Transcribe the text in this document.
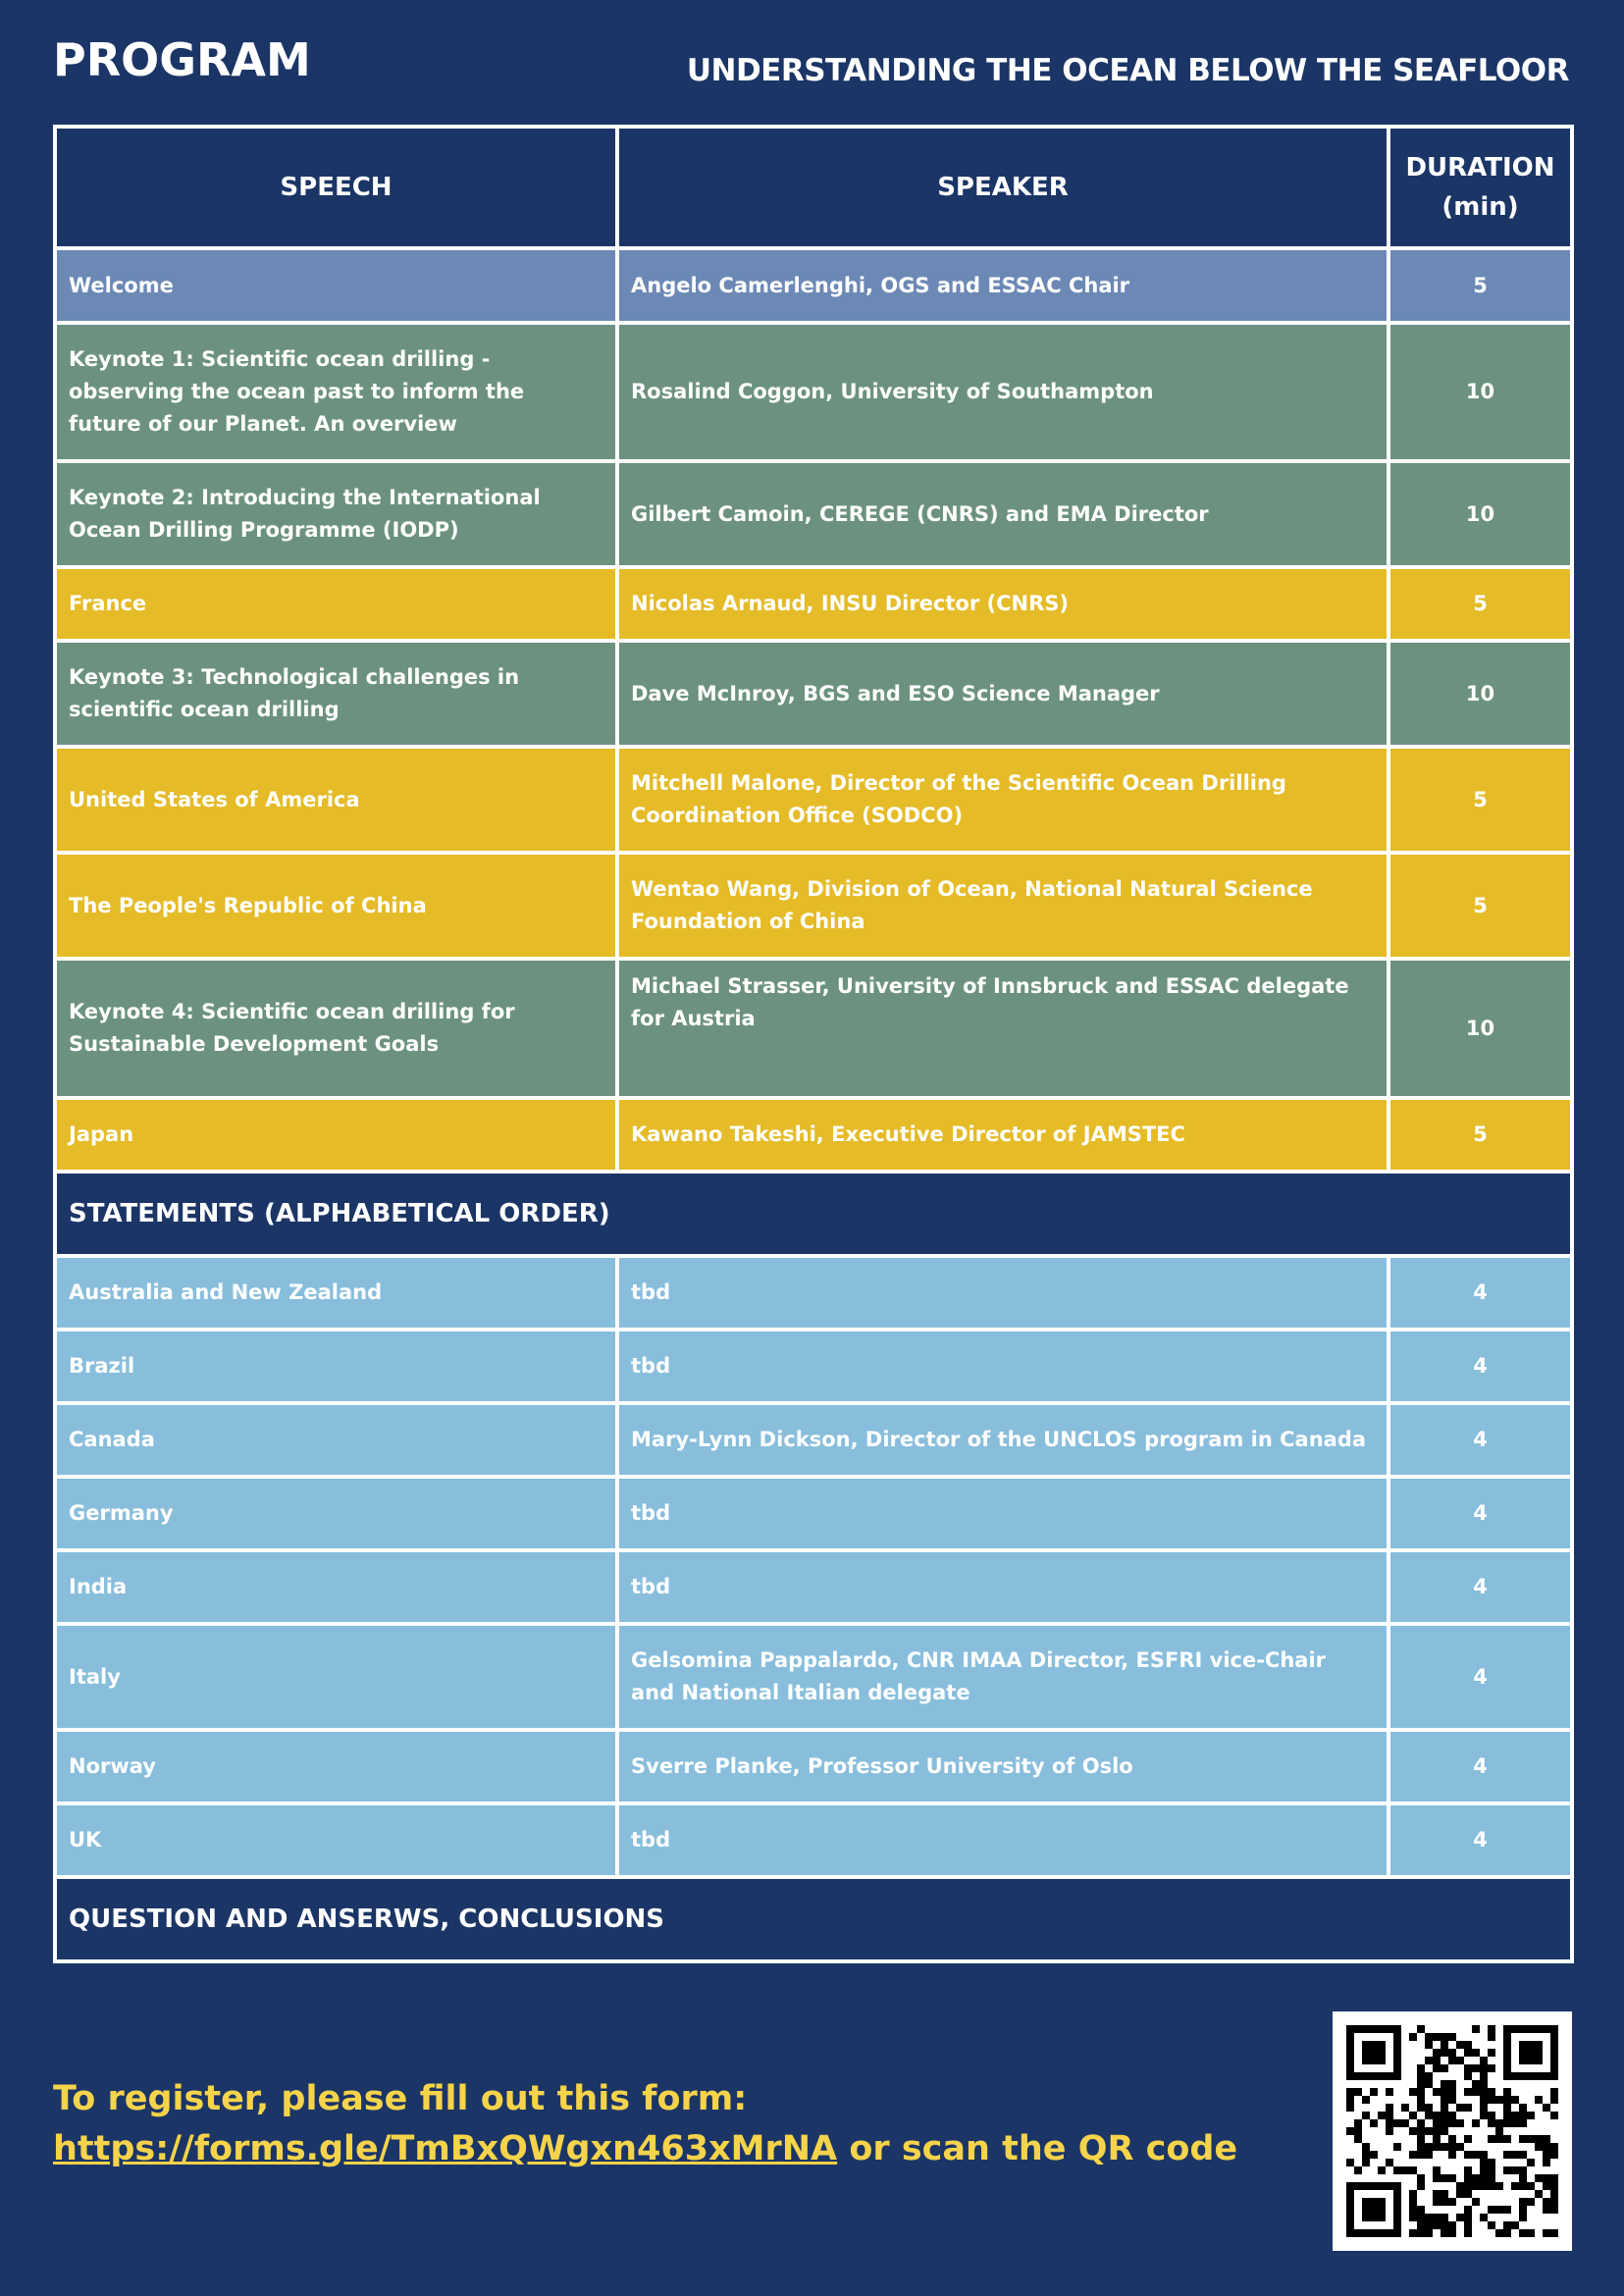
PROGRAM	UNDERSTANDING THE OCEAN BELOW THE SEAFLOOR
SPEECH	SPEAKER	DURATION
(min)
Welcome	Angelo Camerlenghi, OGS and ESSAC Chair	5
Keynote 1: Scientific ocean drilling - observing the ocean past to inform the future of our Planet. An overview	Rosalind Coggon, University of Southampton	10
Keynote 2: Introducing the International Ocean Drilling Programme (IODP)	Gilbert Camoin, CEREGE (CNRS) and EMA Director	10
France	Nicolas Arnaud, INSU Director (CNRS)	5
Keynote 3: Technological challenges in scientific ocean drilling	Dave McInroy, BGS and ESO Science Manager	10
United States of America	Mitchell Malone, Director of the Scientific Ocean Drilling Coordination Office (SODCO)	5
The People's Republic of China	Wentao Wang, Division of Ocean, National Natural Science Foundation of China	5
Keynote 4: Scientific ocean drilling for Sustainable Development Goals	Michael Strasser, University of Innsbruck and ESSAC delegate for Austria	10
Japan	Kawano Takeshi, Executive Director of JAMSTEC	5
STATEMENTS (ALPHABETICAL ORDER)		
Australia and New Zealand	tbd	4
Brazil	tbd	4
Canada	Mary-Lynn Dickson, Director of the UNCLOS program in Canada	4
Germany	tbd	4
India	tbd	4
Italy	Gelsomina Pappalardo, CNR IMAA Director, ESFRI vice-Chair and National Italian delegate	4
Norway	Sverre Planke, Professor University of Oslo	4
UK	tbd	4
QUESTION AND ANSERWS, CONCLUSIONS		
To register, please fill out this form:
https://forms.gle/TmBxQWgxn463xMrNA or scan the QR code
